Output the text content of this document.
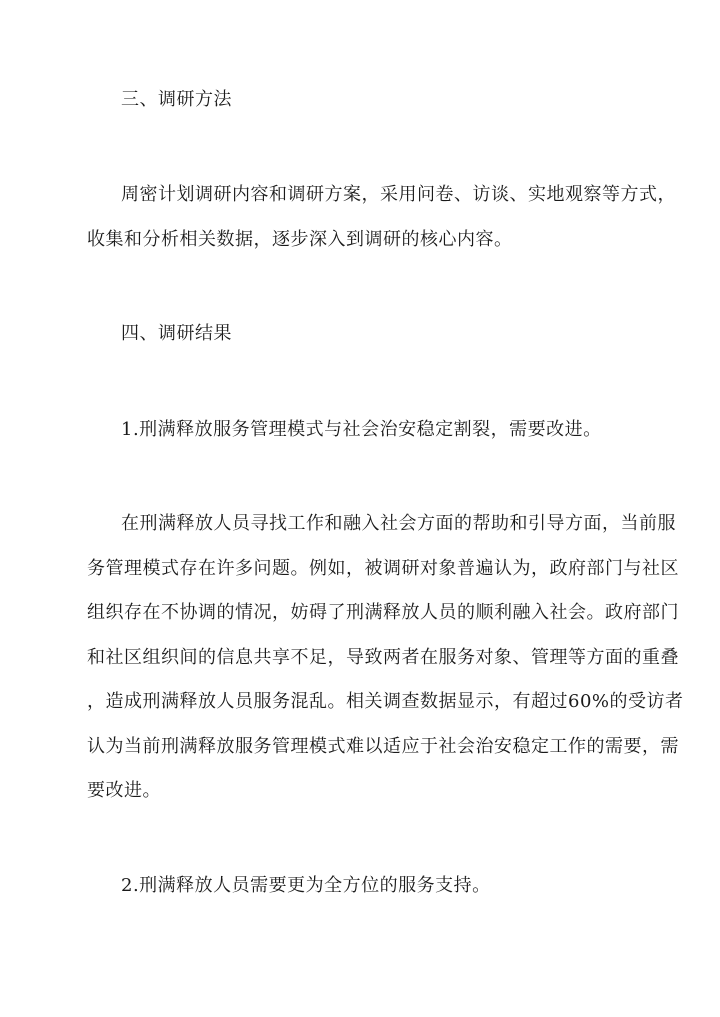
三、调研方法
周密计划调研内容和调研方案，采用问卷、访谈、实地观察等方式，
收集和分析相关数据，逐步深入到调研的核心内容。
四、调研结果
1.刑满释放服务管理模式与社会治安稳定割裂，需要改进。
在刑满释放人员寻找工作和融入社会方面的帮助和引导方面，当前服
务管理模式存在许多问题。例如，被调研对象普遍认为，政府部门与社区
组织存在不协调的情况，妨碍了刑满释放人员的顺利融入社会。政府部门
和社区组织间的信息共享不足，导致两者在服务对象、管理等方面的重叠
，造成刑满释放人员服务混乱。相关调查数据显示，有超过60%的受访者
认为当前刑满释放服务管理模式难以适应于社会治安稳定工作的需要，需
要改进。
2.刑满释放人员需要更为全方位的服务支持。
